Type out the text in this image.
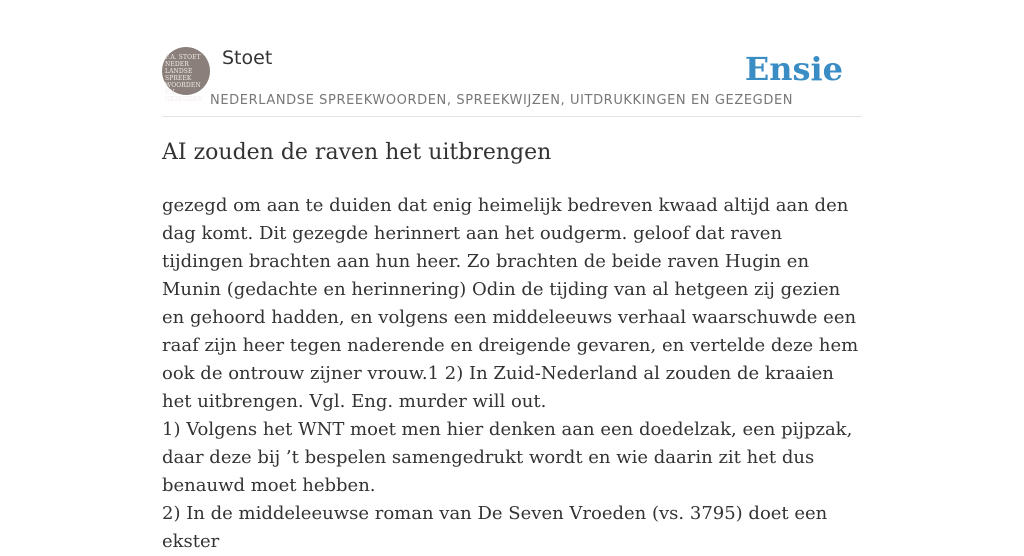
F.A. STOET
NEDER
LANDSE
SPREEK
WOORDEN EN
GEZEGDEN
Stoet
NEDERLANDSE SPREEKWOORDEN, SPREEKWIJZEN, UITDRUKKINGEN EN GEZEGDEN
Ensie
AI zouden de raven het uitbrengen

gezegd om aan te duiden dat enig heimelijk bedreven kwaad altijd aan den dag komt. Dit gezegde herinnert aan het oudgerm. geloof dat raven tijdingen brachten aan hun heer. Zo brachten de beide raven Hugin en Munin (gedachte en herinnering) Odin de tijding van al hetgeen zij gezien en gehoord hadden, en volgens een middeleeuws verhaal waarschuwde een raaf zijn heer tegen naderende en dreigende gevaren, en vertelde deze hem ook de ontrouw zijner vrouw.1 2) In Zuid-Nederland al zouden de kraaien het uitbrengen. Vgl. Eng. murder will out.

1) Volgens het WNT moet men hier denken aan een doedelzak, een pijpzak, daar deze bij ’t bespelen samengedrukt wordt en wie daarin zit het dus benauwd moet hebben.

2) In de middeleeuwse roman van De Seven Vroeden (vs. 3795) doet een ekster
